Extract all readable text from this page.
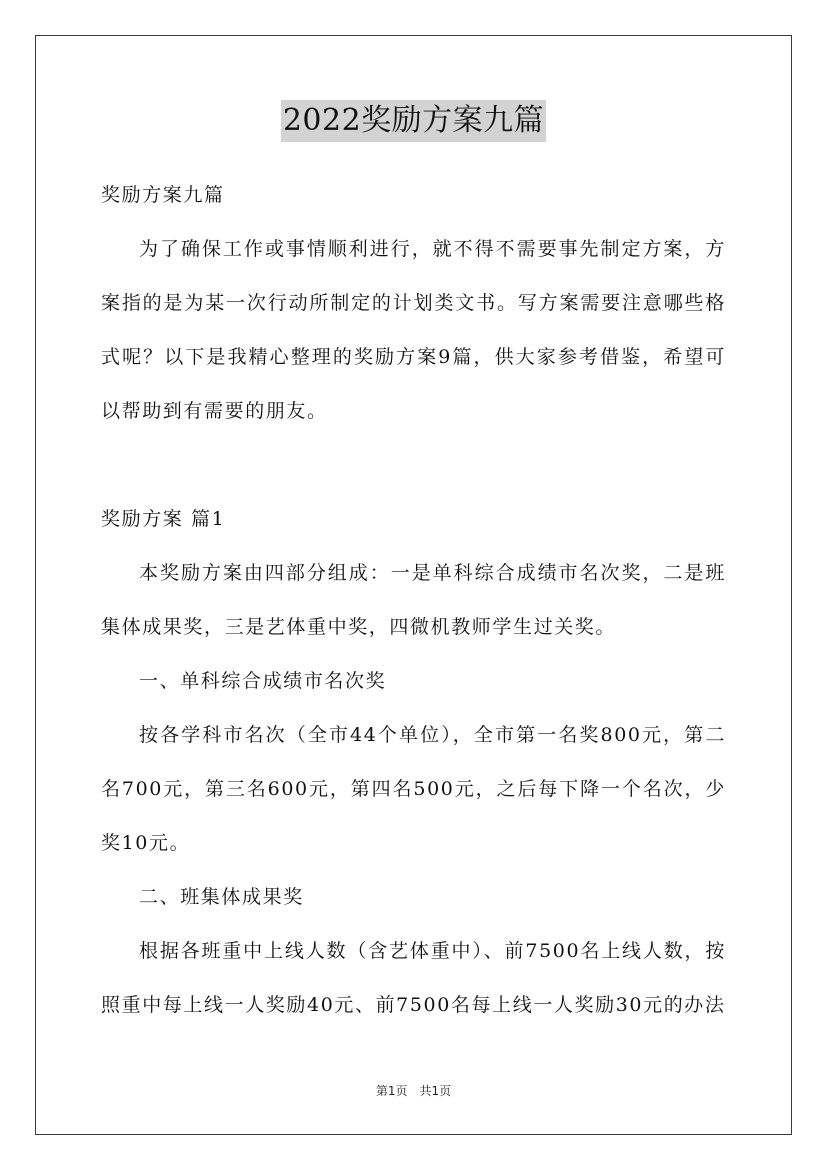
2022奖励方案九篇

奖励方案九篇

为了确保工作或事情顺利进行，就不得不需要事先制定方案，方案指的是为某一次行动所制定的计划类文书。写方案需要注意哪些格式呢？以下是我精心整理的奖励方案9篇，供大家参考借鉴，希望可以帮助到有需要的朋友。

奖励方案 篇1

本奖励方案由四部分组成：一是单科综合成绩市名次奖，二是班集体成果奖，三是艺体重中奖，四微机教师学生过关奖。

一、单科综合成绩市名次奖

按各学科市名次（全市44个单位），全市第一名奖800元，第二名700元，第三名600元，第四名500元，之后每下降一个名次，少奖10元。

二、班集体成果奖

根据各班重中上线人数（含艺体重中）、前7500名上线人数，按照重中每上线一人奖励40元、前7500名每上线一人奖励30元的办法

第1页 共1页
